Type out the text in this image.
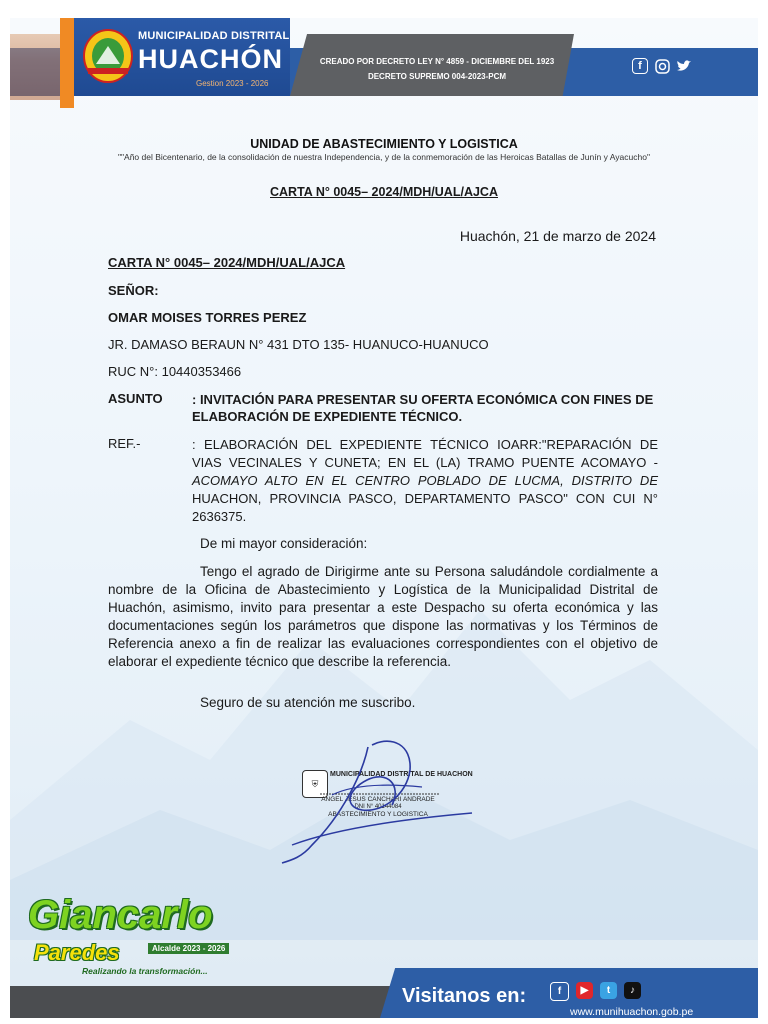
MUNICIPALIDAD DISTRITAL
HUACHÓN
Gestion 2023 - 2026
CREADO POR DECRETO LEY N° 4859 - DICIEMBRE DEL 1923
DECRETO SUPREMO 004-2023-PCM
f
UNIDAD DE ABASTECIMIENTO Y LOGISTICA
""Año del Bicentenario, de la consolidación de nuestra Independencia, y de la conmemoración de las Heroicas Batallas de Junín y Ayacucho"
CARTA N° 0045– 2024/MDH/UAL/AJCA
Huachón, 21 de marzo de 2024
CARTA N° 0045– 2024/MDH/UAL/AJCA
SEÑOR:
OMAR MOISES TORRES PEREZ
JR. DAMASO BERAUN N° 431 DTO 135- HUANUCO-HUANUCO
RUC N°: 10440353466
ASUNTO : INVITACIÓN PARA PRESENTAR SU OFERTA ECONÓMICA CON FINES DE ELABORACIÓN DE EXPEDIENTE TÉCNICO.
REF.-	: ELABORACIÓN DEL EXPEDIENTE TÉCNICO IOARR:"REPARACIÓN DE VIAS VECINALES Y CUNETA; EN EL (LA) TRAMO PUENTE ACOMAYO - ACOMAYO ALTO EN EL CENTRO POBLADO DE LUCMA, DISTRITO DE HUACHON, PROVINCIA PASCO, DEPARTAMENTO PASCO" CON CUI N° 2636375.
De mi mayor consideración:
Tengo el agrado de Dirigirme ante su Persona saludándole cordialmente a nombre de la Oficina de Abastecimiento y Logística de la Municipalidad Distrital de Huachón, asimismo, invito para presentar a este Despacho su oferta económica y las documentaciones según los parámetros que dispone las normativas y los Términos de Referencia anexo a fin de realizar las evaluaciones correspondientes con el objetivo de elaborar el expediente técnico que describe la referencia.
Seguro de su atención me suscribo.
⛨
MUNICIPALIDAD DISTRITAL DE HUACHON
ANGEL JESUS CANCHARI ANDRADE
DNI N° 40144084
ABASTECIMIENTO Y LOGISTICA
Giancarlo
Paredes	Alcalde 2023 - 2026
Realizando la transformación...
Visitanos en:	f	▶	t	♪
www.munihuachon.gob.pe
